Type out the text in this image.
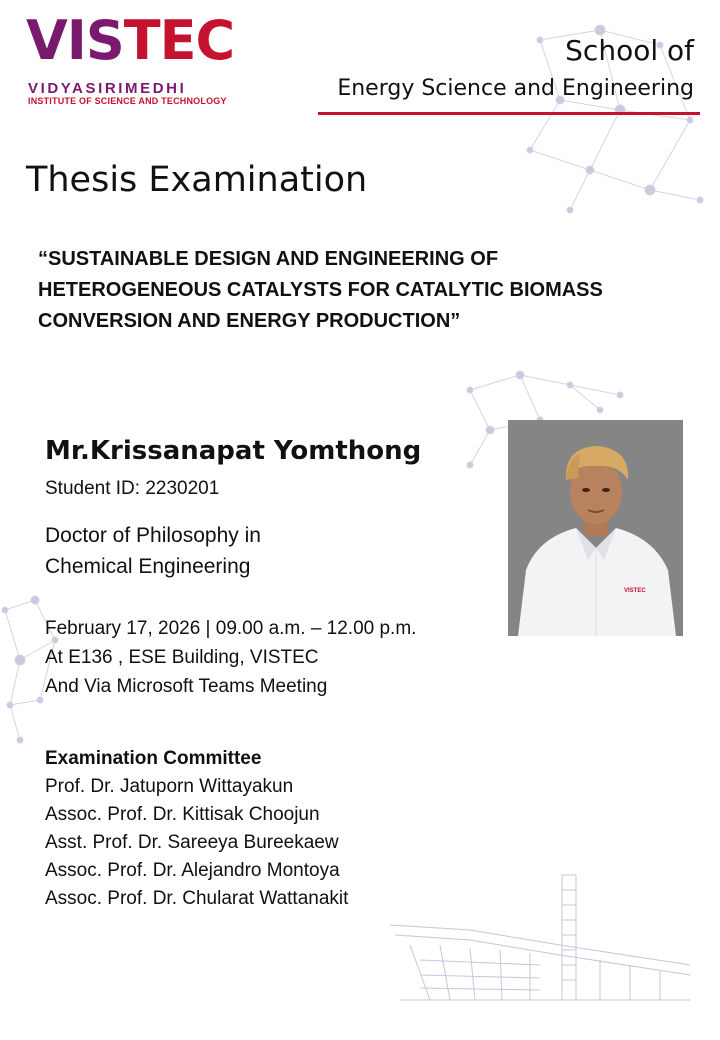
VISTEC
VIDYASIRIMEDHI
INSTITUTE OF SCIENCE AND TECHNOLOGY
School of
Energy Science and Engineering
Thesis Examination
“SUSTAINABLE DESIGN AND ENGINEERING OF
HETEROGENEOUS CATALYSTS FOR CATALYTIC BIOMASS
CONVERSION AND ENERGY PRODUCTION”
Mr.Krissanapat Yomthong
Student ID: 2230201
Doctor of Philosophy in
Chemical Engineering
VISTEC
February 17, 2026 | 09.00 a.m. – 12.00 p.m.
At E136 , ESE Building, VISTEC
And Via Microsoft Teams Meeting
Examination Committee
Prof. Dr. Jatuporn Wittayakun
Assoc. Prof. Dr. Kittisak Choojun
Asst. Prof. Dr. Sareeya Bureekaew
Assoc. Prof. Dr. Alejandro Montoya
Assoc. Prof. Dr. Chularat Wattanakit
